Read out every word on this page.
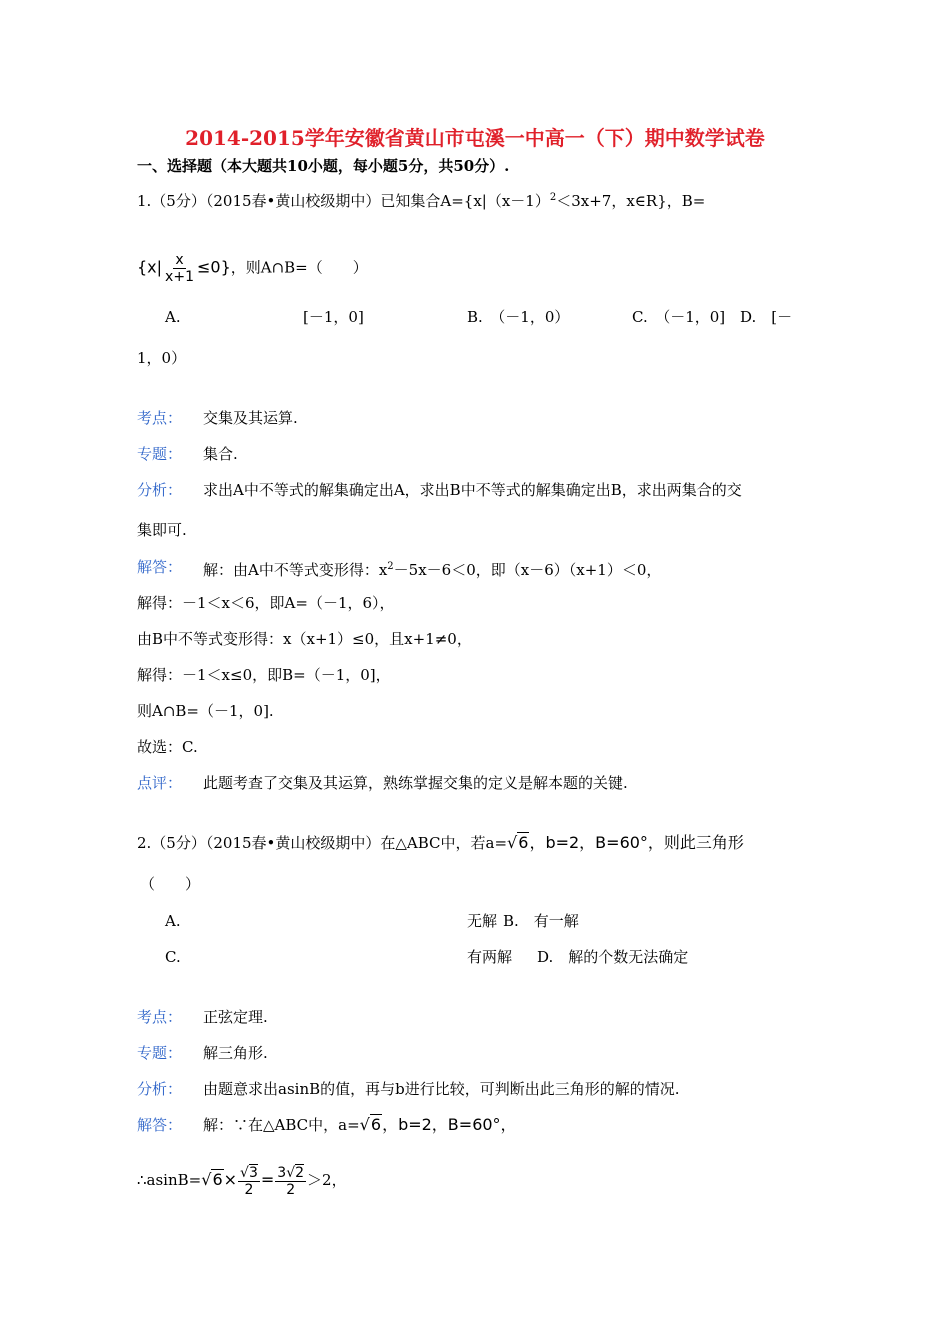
2014-2015学年安徽省黄山市屯溪一中高一（下）期中数学试卷
一、选择题（本大题共10小题，每小题5分，共50分）.
1.（5分）（2015春•黄山校级期中）已知集合$A=\{x|(x-1)^2<3x+7$，x∈R}，B=
$\{x| \frac{x}{x+1} \le 0\}$，则A∩B=（　　）
A.	[－1，0]	B.　（－1，0）	C.　（－1，0] D.　[－
1，0）
考点： 交集及其运算.
专题： 集合.
分析： 求出A中不等式的解集确定出A，求出B中不等式的解集确定出B，求出两集合的交
集即可.
解答： 解：由A中不等式变形得：$x^2-5x-6<0$，即（x－6）（x+1）＜0，
解得：－1＜x＜6，即A=（－1，6），
由B中不等式变形得：x（x+1）≤0，且x+1≠0，
解得：－1＜x≤0，即B=（－1，0]，
则A∩B=（－1，0].
故选：C.
点评： 此题考查了交集及其运算，熟练掌握交集的定义是解本题的关键.
2.（5分）（2015春•黄山校级期中）在△ABC中，若a=√6，b=2，B=60°，则此三角形
（　　）
A.	无解 B.　有一解
C.	有两解 D.　解的个数无法确定
考点： 正弦定理.
专题： 解三角形.
分析： 由题意求出asinB的值，再与b进行比较，可判断出此三角形的解的情况.
解答： 解：∵在△ABC中，a=√6，b=2，B=60°，
∴asinB=√6× $\frac{√3}{2} = \frac{3√2}{2} >2$，
